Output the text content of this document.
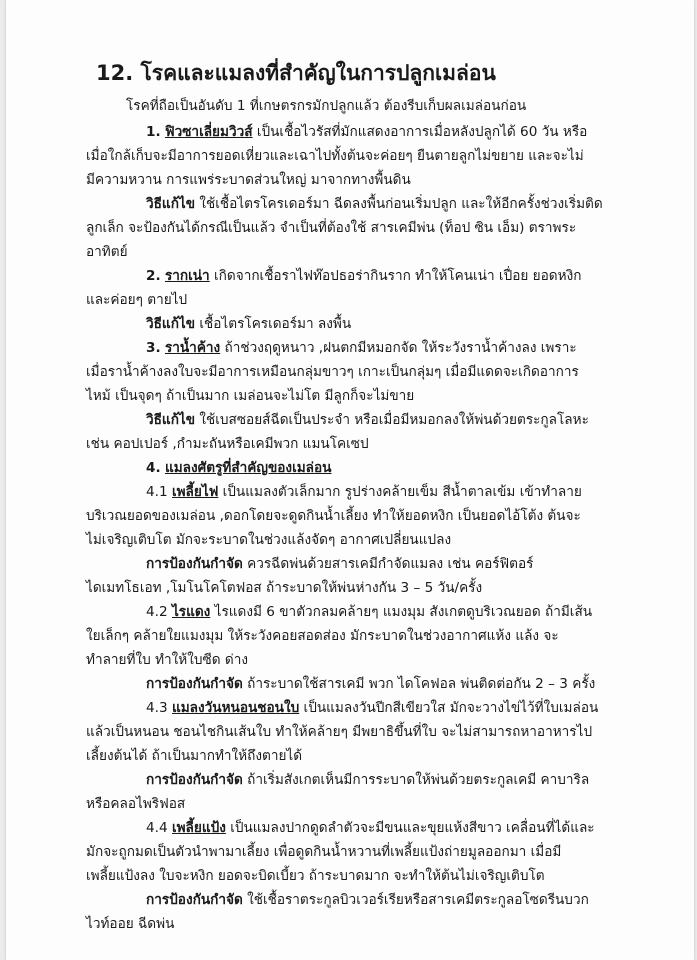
12. โรคและแมลงที่สำคัญในการปลูกเมล่อน
โรคที่ถือเป็นอันดับ 1 ที่เกษตรกรมักปลูกแล้ว ต้องรีบเก็บผลเมล่อนก่อน
1. ฟิวซาเลี่ยมวิวส์ เป็นเชื้อไวรัสที่มักแสดงอาการเมื่อหลังปลูกได้ 60 วัน หรือ
เมื่อใกล้เก็บจะมีอาการยอดเหี่ยวและเฉาไปทั้งต้นจะค่อยๆ ยืนตายลูกไม่ขยาย และจะไม่
มีความหวาน การแพร่ระบาดส่วนใหญ่ มาจากทางพื้นดิน
วิธีแก้ไข ใช้เชื้อไตรโครเดอร์มา ฉีดลงพื้นก่อนเริ่มปลูก และให้อีกครั้งช่วงเริ่มติด
ลูกเล็ก จะป้องกันได้กรณีเป็นแล้ว จำเป็นที่ต้องใช้ สารเคมีพ่น (ท็อป ซิน เอ็ม) ตราพระ
อาทิตย์
2. รากเน่า เกิดจากเชื้อราไฟท๊อปธอร่ากินราก ทำให้โคนเน่า เปื่อย ยอดหงิก
และค่อยๆ ตายไป
วิธีแก้ไข เชื้อไตรโครเดอร์มา ลงพื้น
3. ราน้ำค้าง ถ้าช่วงฤดูหนาว ,ฝนตกมีหมอกจัด ให้ระวังราน้ำค้างลง เพราะ
เมื่อราน้ำค้างลงใบจะมีอาการเหมือนกลุ่มขาวๆ เกาะเป็นกลุ่มๆ เมื่อมีแดดจะเกิดอาการ
ไหม้ เป็นจุดๆ ถ้าเป็นมาก เมล่อนจะไม่โต มีลูกก็จะไม่ขาย
วิธีแก้ไข ใช้เบสซอยส์ฉีดเป็นประจำ หรือเมื่อมีหมอกลงให้พ่นด้วยตระกูลโลหะ
เช่น คอปเปอร์ ,กำมะถันหรือเคมีพวก แมนโคเซป
4. แมลงศัตรูที่สำคัญของเมล่อน
4.1 เพลี้ยไฟ เป็นแมลงตัวเล็กมาก รูปร่างคล้ายเข็ม สีน้ำตาลเข้ม เข้าทำลาย
บริเวณยอดของเมล่อน ,ดอกโดยจะดูดกินน้ำเลี้ยง ทำให้ยอดหงิก เป็นยอดไอ้โต้ง ต้นจะ
ไม่เจริญเติบโต มักจะระบาดในช่วงแล้งจัดๆ อากาศเปลี่ยนแปลง
การป้องกันกำจัด ควรฉีดพ่นด้วยสารเคมีกำจัดแมลง เช่น คอร์ฟิตอร์
ไดเมทโธเอท ,โมโนโคโตฟอส ถ้าระบาดให้พ่นห่างกัน 3 – 5 วัน/ครั้ง
4.2 ไรแดง ไรแดงมี 6 ขาตัวกลมคล้ายๆ แมงมุม สังเกตดูบริเวณยอด ถ้ามีเส้น
ใยเล็กๆ คล้ายใยแมงมุม ให้ระวังคอยสอดส่อง มักระบาดในช่วงอากาศแห้ง แล้ง จะ
ทำลายที่ใบ ทำให้ใบซีด ด่าง
การป้องกันกำจัด ถ้าระบาดใช้สารเคมี พวก ไดโคฟอล พ่นติดต่อกัน 2 – 3 ครั้ง
4.3 แมลงวันหนอนชอนใบ เป็นแมลงวันปีกสีเขียวใส มักจะวางไข่ไว้ที่ใบเมล่อน
แล้วเป็นหนอน ชอนไชกินเส้นใบ ทำให้คล้ายๆ มีพยาธิขึ้นที่ใบ จะไม่สามารถหาอาหารไป
เลี้ยงต้นได้ ถ้าเป็นมากทำให้ถึงตายได้
การป้องกันกำจัด ถ้าเริ่มสังเกตเห็นมีการระบาดให้พ่นด้วยตระกูลเคมี คาบาริล
หรือคลอไพริฟอส
4.4 เพลี้ยแป้ง เป็นแมลงปากดูดลำตัวจะมีขนและขุยแห้งสีขาว เคลื่อนที่ได้และ
มักจะถูกมดเป็นตัวนำพามาเลี้ยง เพื่อดูดกินน้ำหวานที่เพลี้ยแป้งถ่ายมูลออกมา เมื่อมี
เพลี้ยแป้งลง ใบจะหงิก ยอดจะบิดเบี้ยว ถ้าระบาดมาก จะทำให้ต้นไม่เจริญเติบโต
การป้องกันกำจัด ใช้เชื้อราตระกูลบิวเวอร์เรียหรือสารเคมีตระกูลอโซดรีนบวก
ไวท์ออย ฉีดพ่น
